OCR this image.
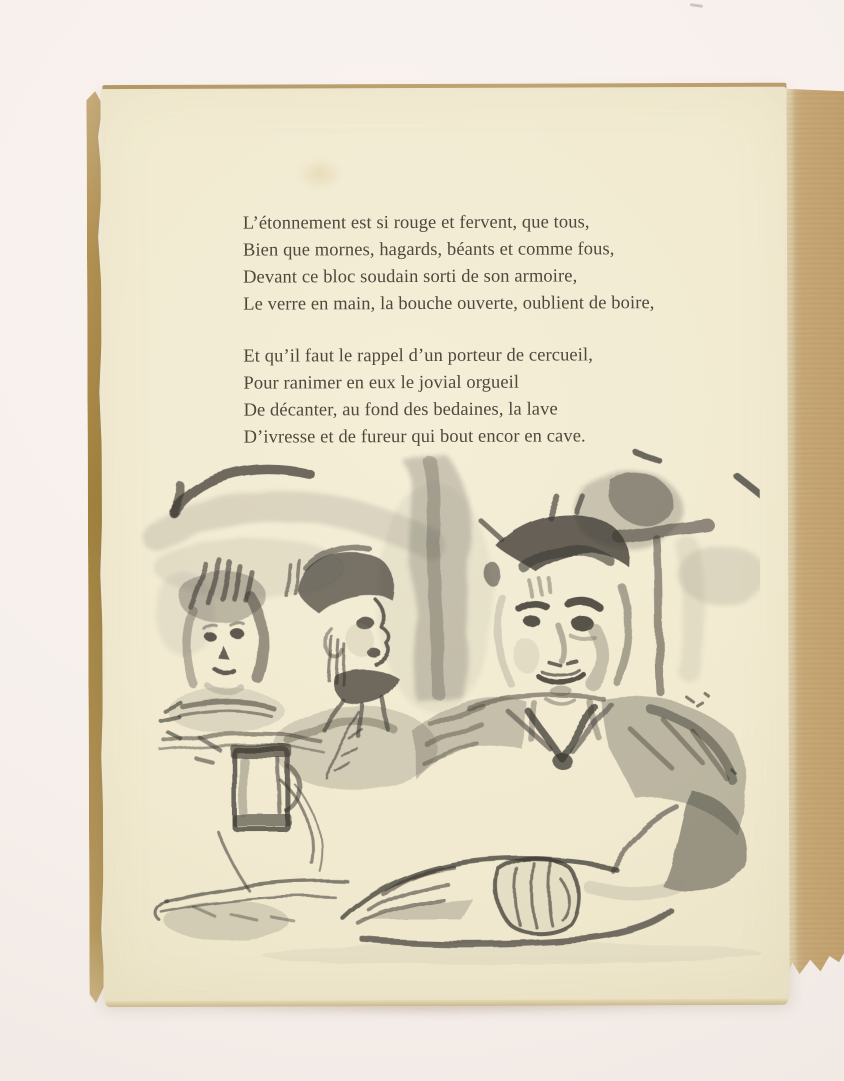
L’étonnement est si rouge et fervent, que tous,
Bien que mornes, hagards, béants et comme fous,
Devant ce bloc soudain sorti de son armoire,
Le verre en main, la bouche ouverte, oublient de boire,
Et qu’il faut le rappel d’un porteur de cercueil,
Pour ranimer en eux le jovial orgueil
De décanter, au fond des bedaines, la lave
D’ivresse et de fureur qui bout encor en cave.
